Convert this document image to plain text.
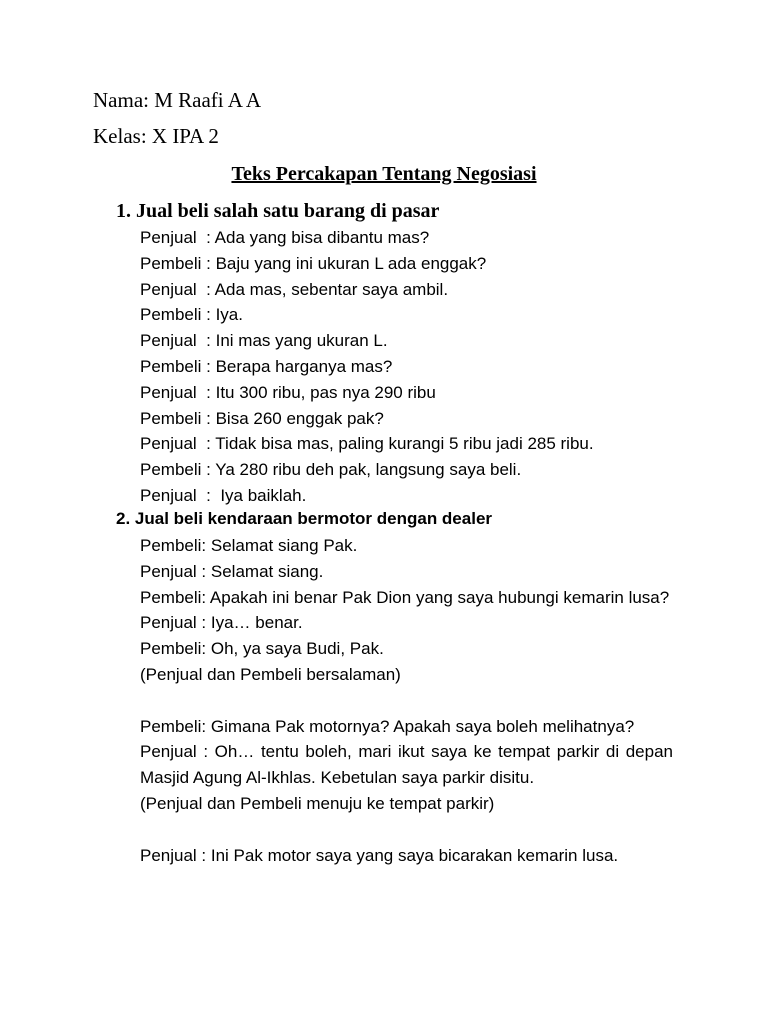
Nama: M Raafi A A
Kelas: X IPA 2
Teks Percakapan Tentang Negosiasi
1. Jual beli salah satu barang di pasar
Penjual  : Ada yang bisa dibantu mas?
Pembeli : Baju yang ini ukuran L ada enggak?
Penjual  : Ada mas, sebentar saya ambil.
Pembeli : Iya.
Penjual  : Ini mas yang ukuran L.
Pembeli : Berapa harganya mas?
Penjual  : Itu 300 ribu, pas nya 290 ribu
Pembeli : Bisa 260 enggak pak?
Penjual  : Tidak bisa mas, paling kurangi 5 ribu jadi 285 ribu.
Pembeli : Ya 280 ribu deh pak, langsung saya beli.
Penjual  :  Iya baiklah.
2. Jual beli kendaraan bermotor dengan dealer
Pembeli: Selamat siang Pak.
Penjual : Selamat siang.
Pembeli: Apakah ini benar Pak Dion yang saya hubungi kemarin lusa?
Penjual : Iya… benar.
Pembeli: Oh, ya saya Budi, Pak.
(Penjual dan Pembeli bersalaman)
Pembeli: Gimana Pak motornya? Apakah saya boleh melihatnya?
Penjual : Oh… tentu boleh, mari ikut saya ke tempat parkir di depan Masjid Agung Al-Ikhlas. Kebetulan saya parkir disitu.
(Penjual dan Pembeli menuju ke tempat parkir)
Penjual : Ini Pak motor saya yang saya bicarakan kemarin lusa.
